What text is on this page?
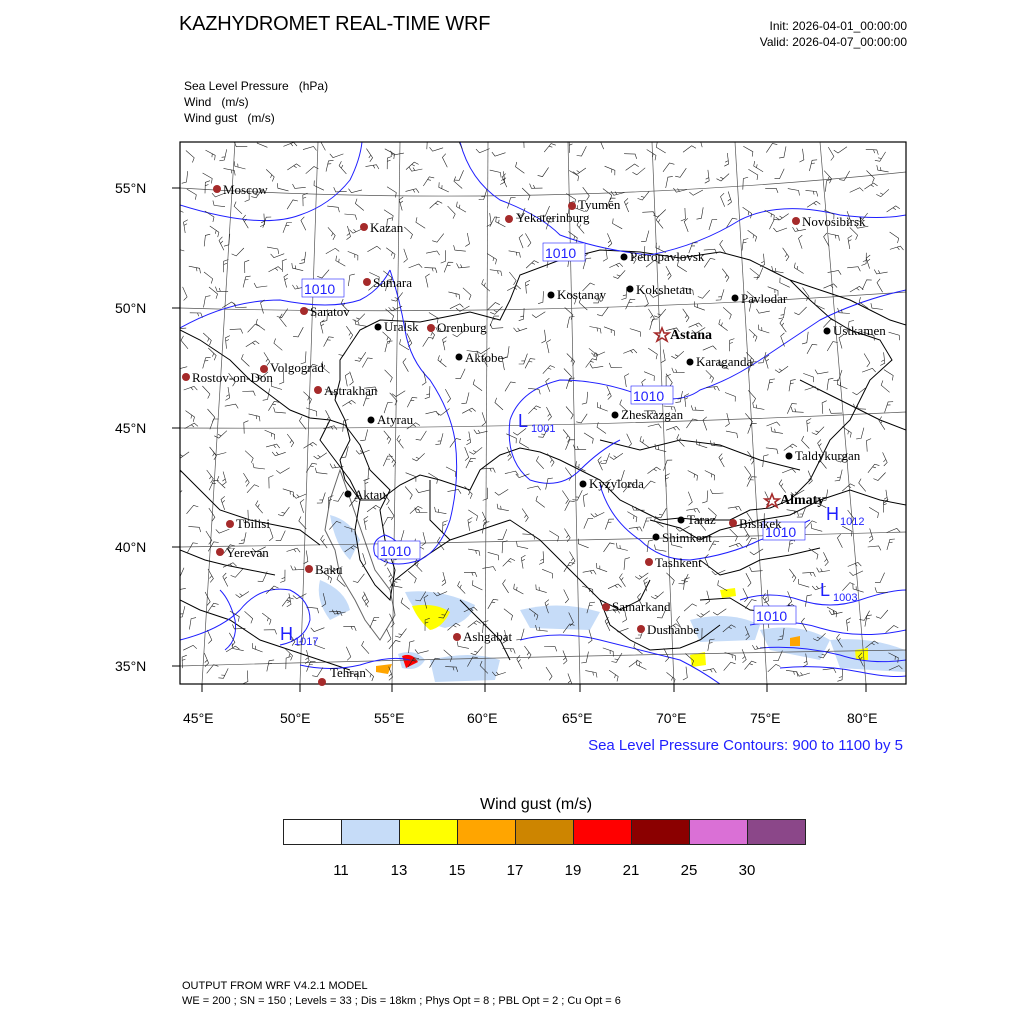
KAZHYDROMET REAL-TIME WRF	Init: 2026-04-01_00:00:00
Valid: 2026-04-07_00:00:00
Sea Level Pressure (hPa)
Wind (m/s)
Wind gust (m/s)
1010
1010
1010
1010
1010
1010
L 1001
H 1017
H 1012
L 1003
Moscow
Kazan
Tyumen
Yekaterinburg	Novosibirsk
Samara
Saratov
Orenburg
Volgograd
Rostov-on-Don
Astrakhan
Tbilisi
Yerevan
Baku
Ashgabat
Tehran
Samarkand
Dushanbe
Tashkent
Bishkek
Petropavlovsk
Kostanay Kokshetau
Pavlodar
Uralsk
Aktobe
Ustkamen
Karaganda
Zheskazgan
Atyrau
Taldykurgan
Kyzylorda
Aktau
Taraz
Shimkent
Astana
Almaty
55°N
50°N
45°N
40°N
35°N
45°E	50°E	55°E	60°E	65°E	70°E	75°E	80°E
Sea Level Pressure Contours: 900 to 1100 by 5
Wind gust (m/s)
11	13	15	17	19	21	25	30
OUTPUT FROM WRF V4.2.1 MODEL
WE = 200 ; SN = 150 ; Levels = 33 ; Dis = 18km ; Phys Opt = 8 ; PBL Opt = 2 ; Cu Opt = 6
